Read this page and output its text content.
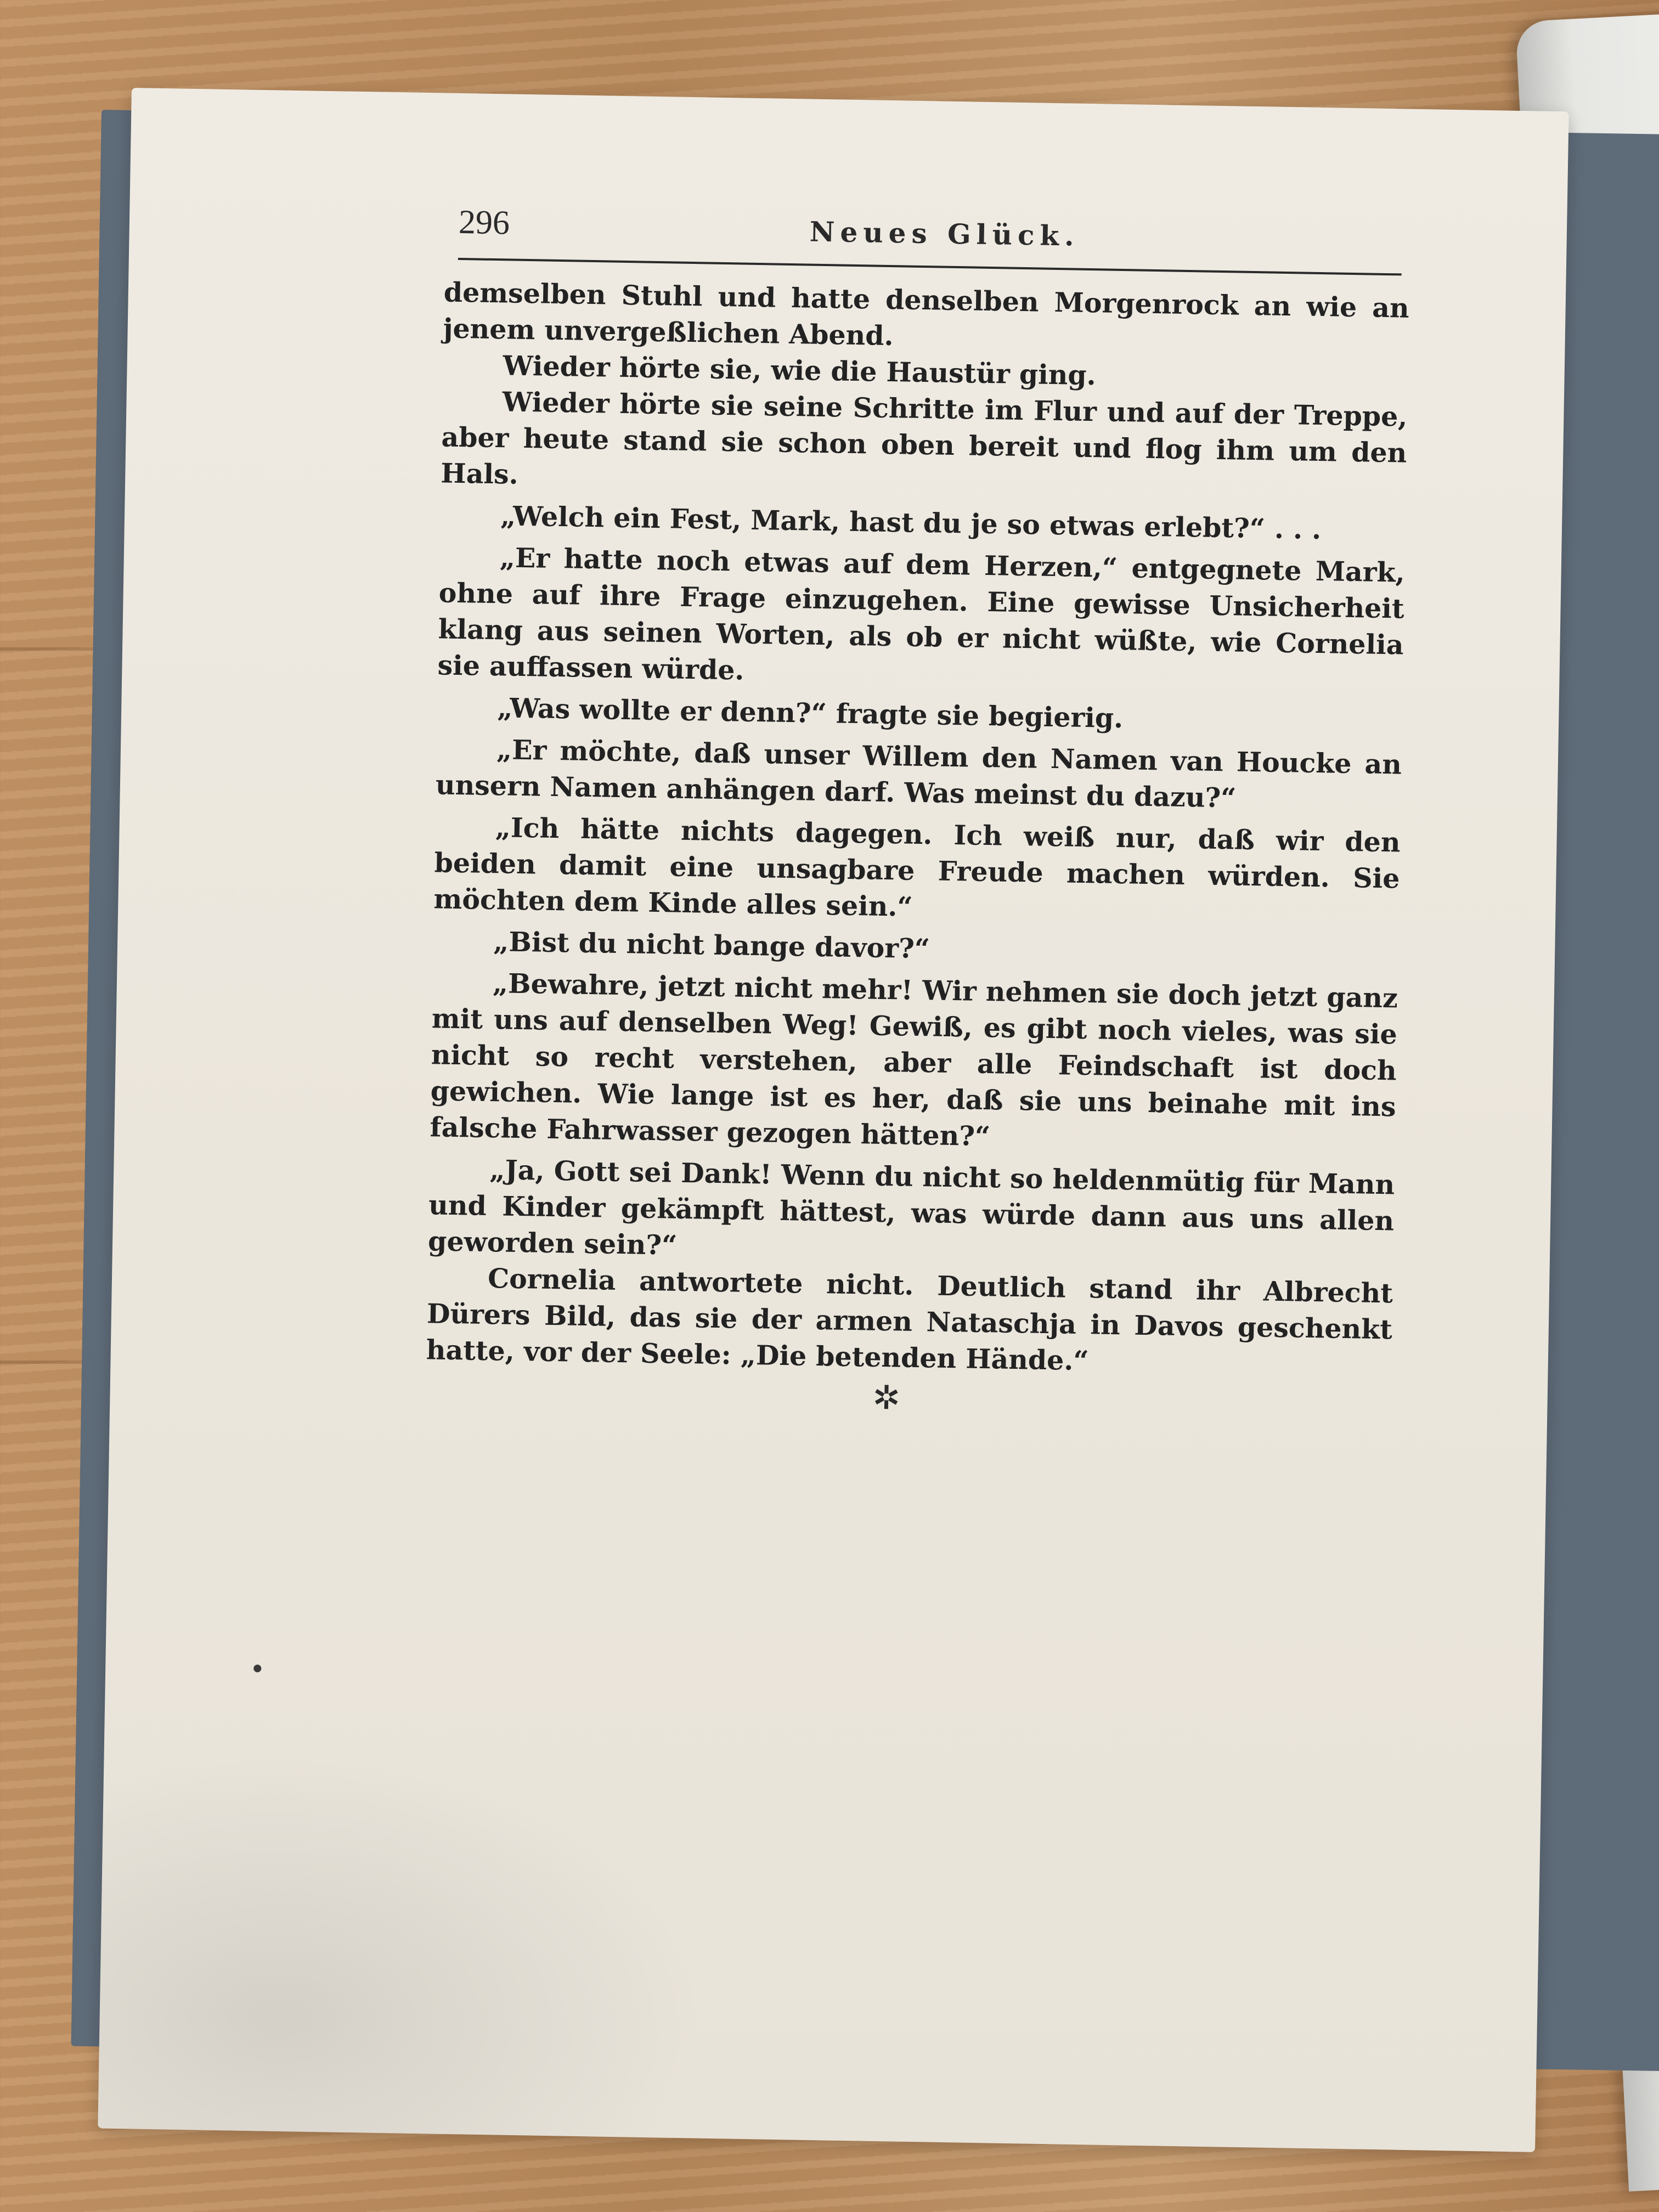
296	Neues Glück.

demselben Stuhl und hatte denselben Morgenrock an wie an jenem unvergeßlichen Abend.

Wieder hörte sie, wie die Haustür ging.

Wieder hörte sie seine Schritte im Flur und auf der Treppe, aber heute stand sie schon oben bereit und flog ihm um den Hals.

„Welch ein Fest, Mark, hast du je so etwas erlebt?“ . . .

„Er hatte noch etwas auf dem Herzen,“ entgegnete Mark, ohne auf ihre Frage einzugehen. Eine gewisse Unsicherheit klang aus seinen Worten, als ob er nicht wüßte, wie Cornelia sie auffassen würde.

„Was wollte er denn?“ fragte sie begierig.

„Er möchte, daß unser Willem den Namen van Houcke an unsern Namen anhängen darf. Was meinst du dazu?“

„Ich hätte nichts dagegen. Ich weiß nur, daß wir den beiden damit eine unsagbare Freude machen würden. Sie möchten dem Kinde alles sein.“

„Bist du nicht bange davor?“

„Bewahre, jetzt nicht mehr! Wir nehmen sie doch jetzt ganz mit uns auf denselben Weg! Gewiß, es gibt noch vieles, was sie nicht so recht verstehen, aber alle Feindschaft ist doch gewichen. Wie lange ist es her, daß sie uns beinahe mit ins falsche Fahrwasser gezogen hätten?“

„Ja, Gott sei Dank! Wenn du nicht so heldenmütig für Mann und Kinder gekämpft hättest, was würde dann aus uns allen geworden sein?“

Cornelia antwortete nicht. Deutlich stand ihr Albrecht Dürers Bild, das sie der armen Nataschja in Davos geschenkt hatte, vor der Seele: „Die betenden Hände.“

✲
